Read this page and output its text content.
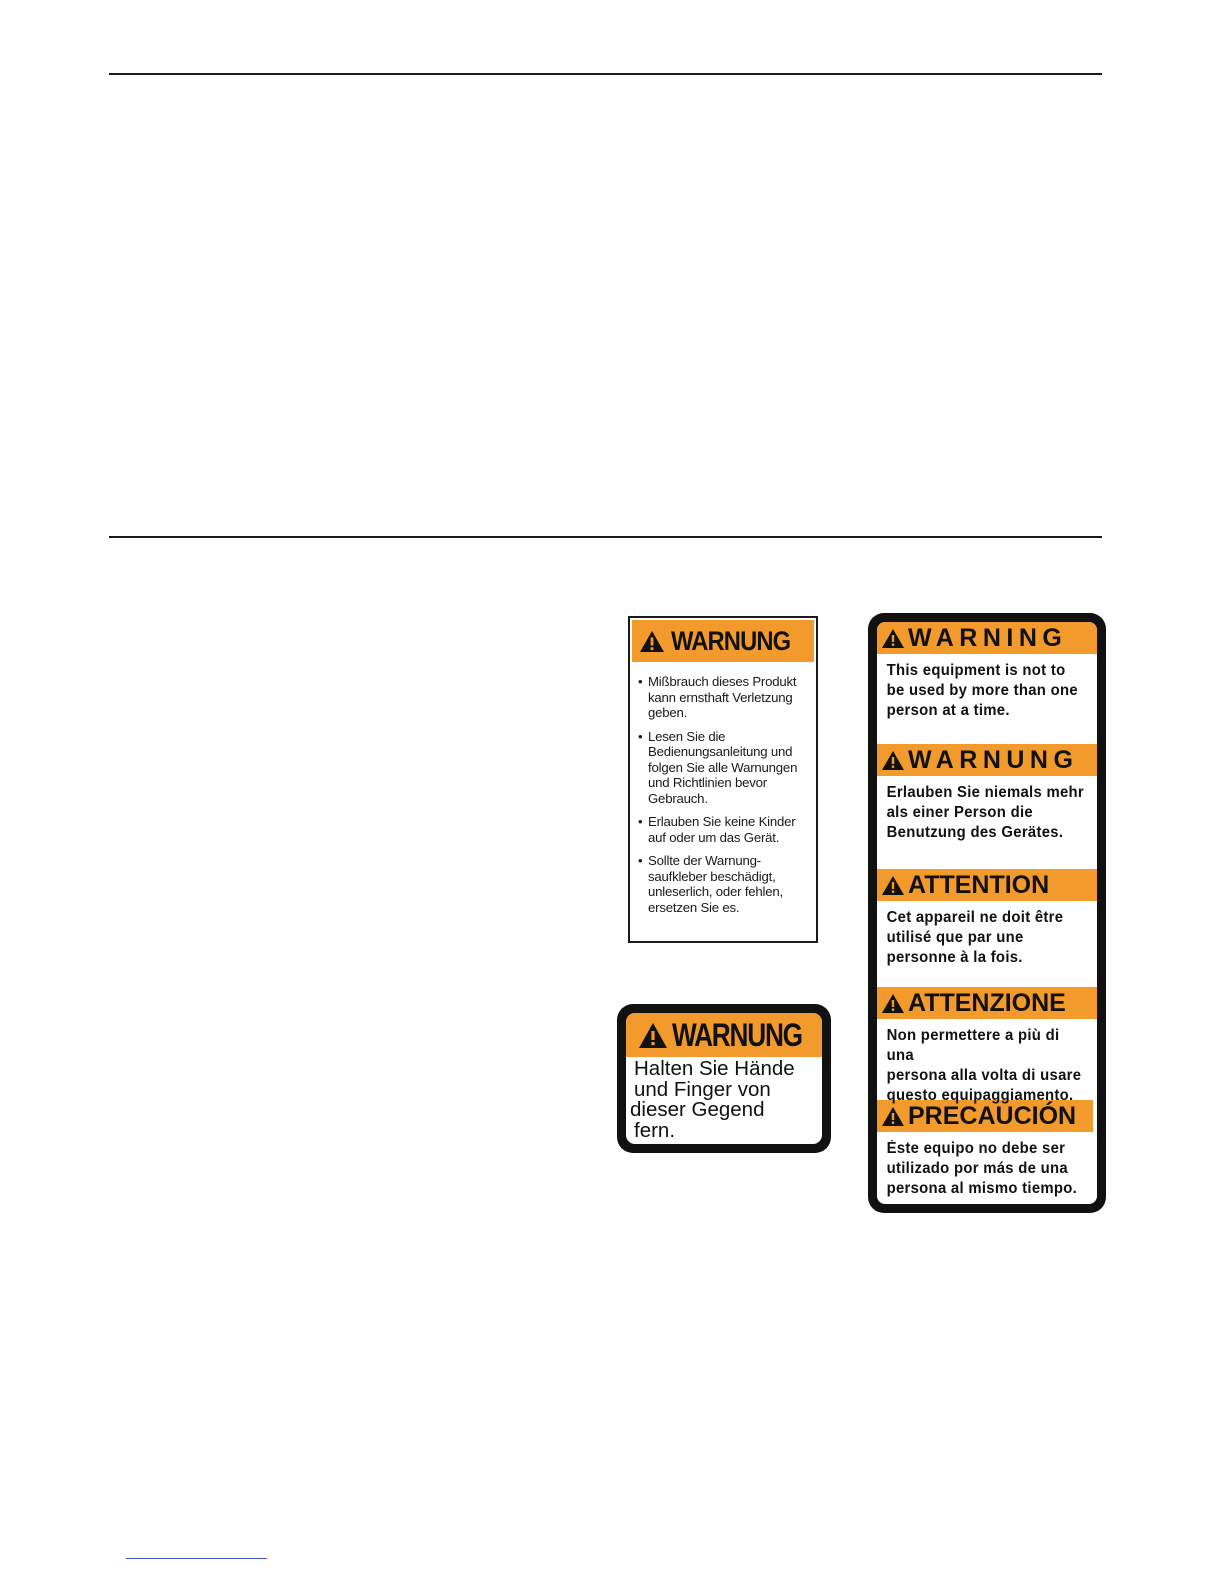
WARNUNG
• Mißbrauch dieses Produkt kann ernsthaft Verletzung geben.
• Lesen Sie die Bedienungsanleitung und folgen Sie alle Warnungen und Richtlinien bevor Gebrauch.
• Erlauben Sie keine Kinder auf oder um das Gerät.
• Sollte der Warnung-saufkleber beschädigt, unleserlich, oder fehlen, ersetzen Sie es.
WARNUNG
Halten Sie Hände
und Finger von
dieser Gegend
fern.
WARNING
This equipment is not to
be used by more than one
person at a time.
WARNUNG
Erlauben Sie niemals mehr
als einer Person die
Benutzung des Gerätes.
ATTENTION
Cet appareil ne doit être
utilisé que par une
personne à la fois.
ATTENZIONE
Non permettere a più di una
persona alla volta di usare
questo equipaggiamento.
PRECAUCIÓN
Èste equipo no debe ser
utilizado por más de una
persona al mismo tiempo.
